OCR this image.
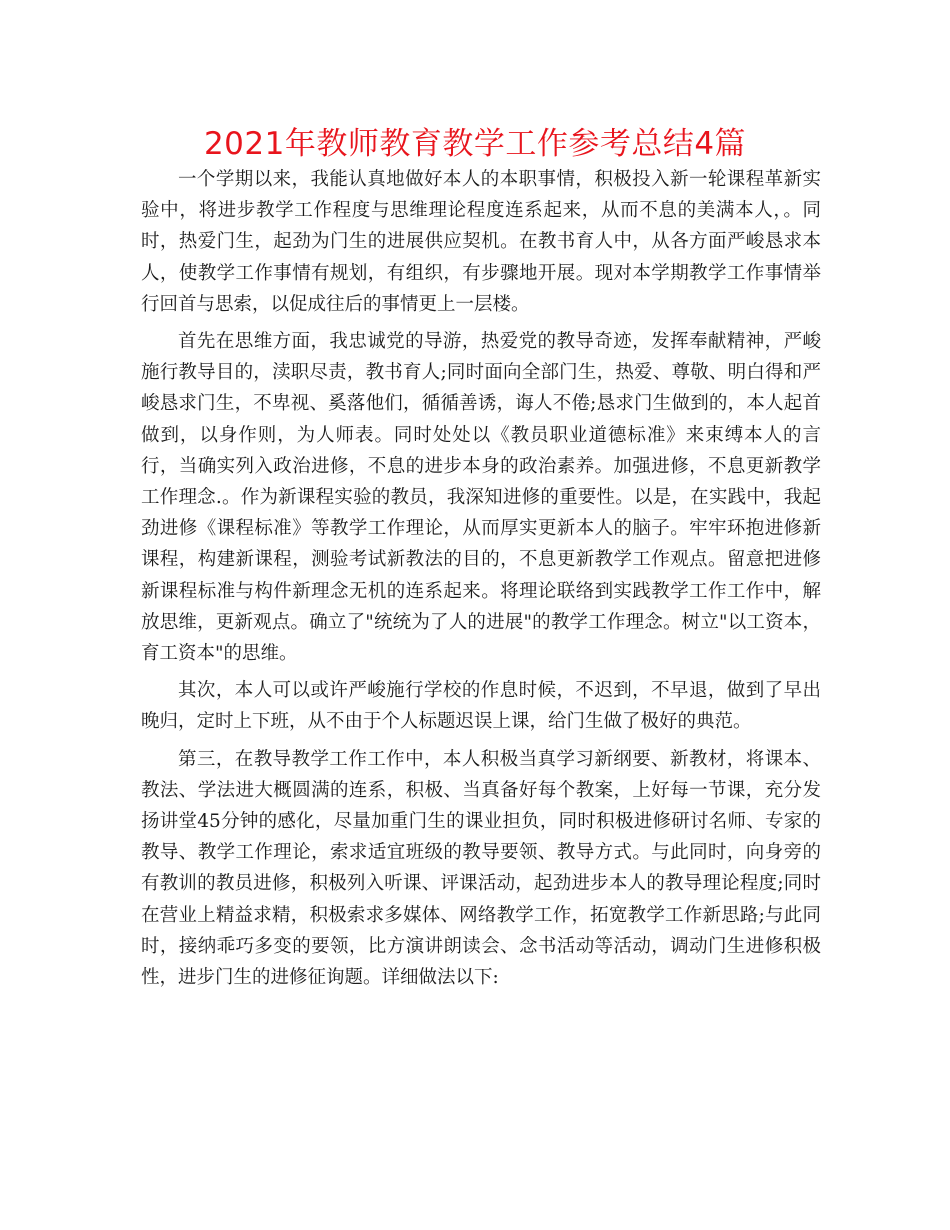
2021年教师教育教学工作参考总结4篇

一个学期以来，我能认真地做好本人的本职事情，积极投入新一轮课程革新实验中，将进步教学工作程度与思维理论程度连系起来，从而不息的美满本人，。同时，热爱门生，起劲为门生的进展供应契机。在教书育人中，从各方面严峻恳求本人，使教学工作事情有规划，有组织，有步骤地开展。现对本学期教学工作事情举行回首与思索，以促成往后的事情更上一层楼。

首先在思维方面，我忠诚党的导游，热爱党的教导奇迹，发挥奉献精神，严峻施行教导目的，渎职尽责，教书育人;同时面向全部门生，热爱、尊敬、明白得和严峻恳求门生，不卑视、奚落他们，循循善诱，诲人不倦;恳求门生做到的，本人起首做到，以身作则，为人师表。同时处处以《教员职业道德标准》来束缚本人的言行，当确实列入政治进修，不息的进步本身的政治素养。加强进修，不息更新教学工作理念.。作为新课程实验的教员，我深知进修的重要性。以是，在实践中，我起劲进修《课程标准》等教学工作理论，从而厚实更新本人的脑子。牢牢环抱进修新课程，构建新课程，测验考试新教法的目的，不息更新教学工作观点。留意把进修新课程标准与构件新理念无机的连系起来。将理论联络到实践教学工作工作中，解放思维，更新观点。确立了"统统为了人的进展"的教学工作理念。树立"以工资本，育工资本"的思维。

其次，本人可以或许严峻施行学校的作息时候，不迟到，不早退，做到了早出晚归，定时上下班，从不由于个人标题迟误上课，给门生做了极好的典范。

第三，在教导教学工作工作中，本人积极当真学习新纲要、新教材，将课本、教法、学法进大概圆满的连系，积极、当真备好每个教案，上好每一节课，充分发扬讲堂45分钟的感化，尽量加重门生的课业担负，同时积极进修研讨名师、专家的教导、教学工作理论，索求适宜班级的教导要领、教导方式。与此同时，向身旁的有教训的教员进修，积极列入听课、评课活动，起劲进步本人的教导理论程度;同时在营业上精益求精，积极索求多媒体、网络教学工作，拓宽教学工作新思路;与此同时，接纳乖巧多变的要领，比方演讲朗读会、念书活动等活动，调动门生进修积极性，进步门生的进修征询题。详细做法以下:
